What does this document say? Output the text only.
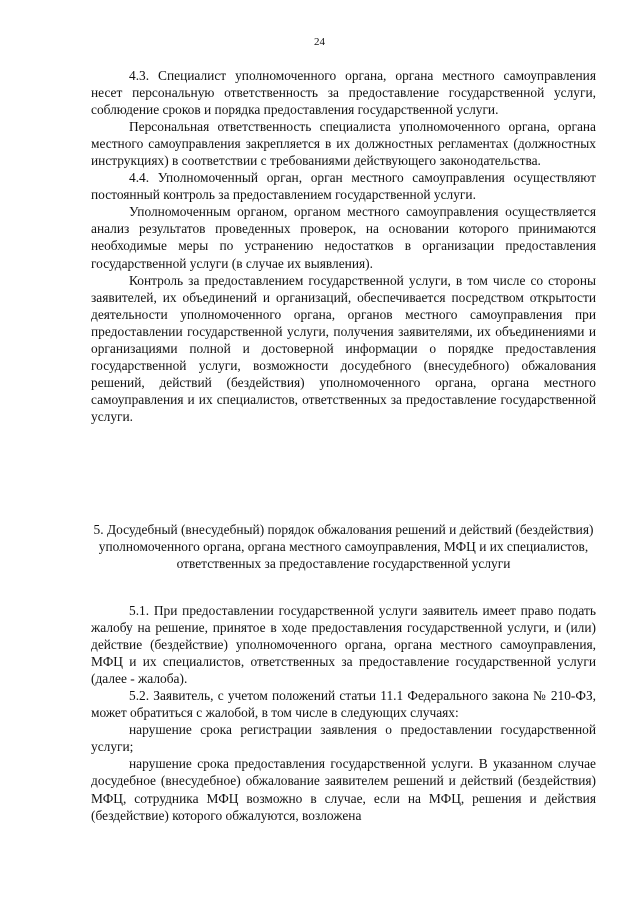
24

4.3. Специалист уполномоченного органа, органа местного самоуправления несет персональную ответственность за предоставление государственной услуги, соблюдение сроков и порядка предоставления государственной услуги.

Персональная ответственность специалиста уполномоченного органа, органа местного самоуправления закрепляется в их должностных регламентах (должностных инструкциях) в соответствии с требованиями действующего законодательства.

4.4. Уполномоченный орган, орган местного самоуправления осуществляют постоянный контроль за предоставлением государственной услуги.

Уполномоченным органом, органом местного самоуправления осуществляется анализ результатов проведенных проверок, на основании которого принимаются необходимые меры по устранению недостатков в организации предоставления государственной услуги (в случае их выявления).

Контроль за предоставлением государственной услуги, в том числе со стороны заявителей, их объединений и организаций, обеспечивается посредством открытости деятельности уполномоченного органа, органов местного самоуправления при предоставлении государственной услуги, получения заявителями, их объединениями и организациями полной и достоверной информации о порядке предоставления государственной услуги, возможности досудебного (внесудебного) обжалования решений, действий (бездействия) уполномоченного органа, органа местного самоуправления и их специалистов, ответственных за предоставление государственной услуги.

5. Досудебный (внесудебный) порядок обжалования решений и действий (бездействия) уполномоченного органа, органа местного самоуправления, МФЦ и их специалистов, ответственных за предоставление государственной услуги

5.1. При предоставлении государственной услуги заявитель имеет право подать жалобу на решение, принятое в ходе предоставления государственной услуги, и (или) действие (бездействие) уполномоченного органа, органа местного самоуправления, МФЦ и их специалистов, ответственных за предоставление государственной услуги (далее - жалоба).

5.2. Заявитель, с учетом положений статьи 11.1 Федерального закона № 210-ФЗ, может обратиться с жалобой, в том числе в следующих случаях:

нарушение срока регистрации заявления о предоставлении государственной услуги;

нарушение срока предоставления государственной услуги. В указанном случае досудебное (внесудебное) обжалование заявителем решений и действий (бездействия) МФЦ, сотрудника МФЦ возможно в случае, если на МФЦ, решения и действия (бездействие) которого обжалуются, возложена
